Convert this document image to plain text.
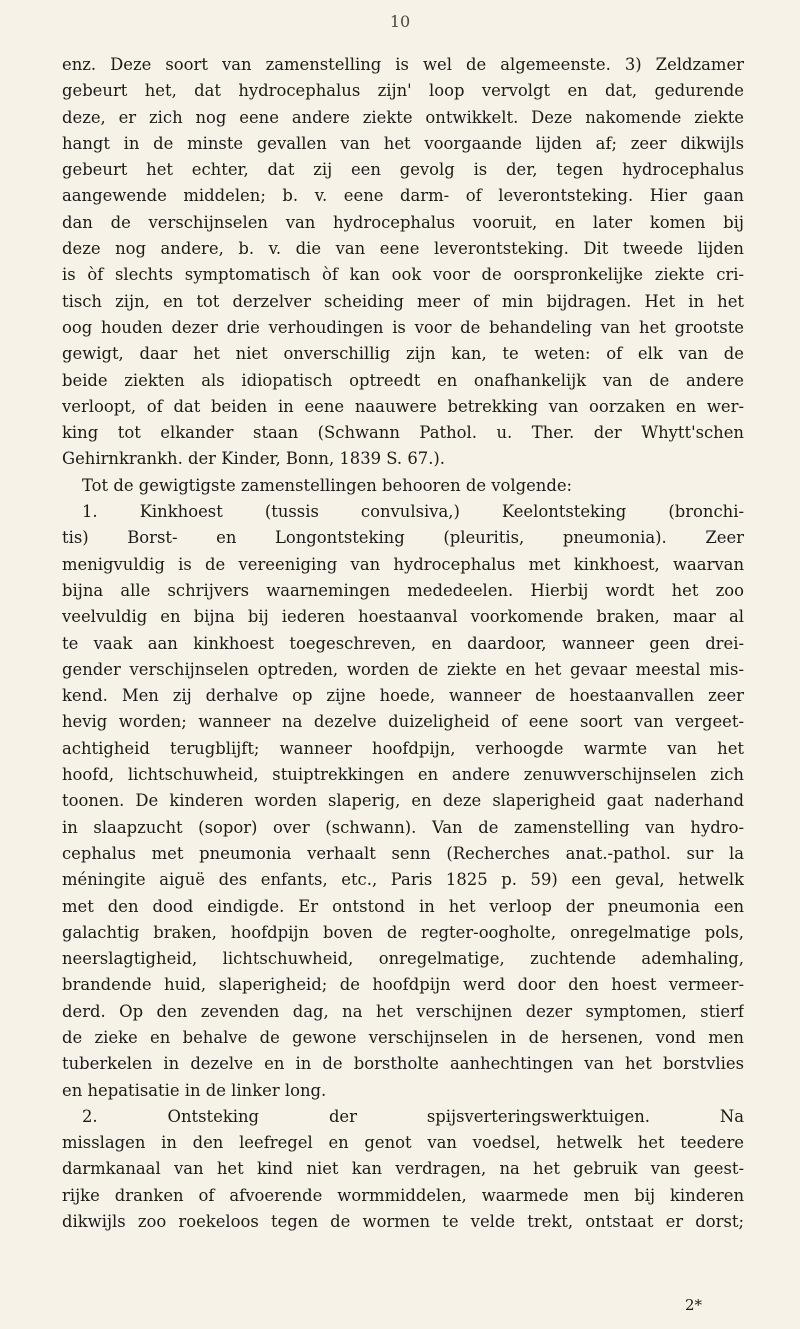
10
enz. Deze soort van zamenstelling is wel de algemeenste. 3) Zeldzamer
gebeurt het, dat hydrocephalus zijn' loop vervolgt en dat, gedurende
deze, er zich nog eene andere ziekte ontwikkelt. Deze nakomende ziekte
hangt in de minste gevallen van het voorgaande lijden af; zeer dikwijls
gebeurt het echter, dat zij een gevolg is der, tegen hydrocephalus
aangewende middelen; b. v. eene darm- of leverontsteking. Hier gaan
dan de verschijnselen van hydrocephalus vooruit, en later komen bij
deze nog andere, b. v. die van eene leverontsteking. Dit tweede lijden
is òf slechts symptomatisch òf kan ook voor de oorspronkelijke ziekte cri-
tisch zijn, en tot derzelver scheiding meer of min bijdragen. Het in het
oog houden dezer drie verhoudingen is voor de behandeling van het grootste
gewigt, daar het niet onverschillig zijn kan, te weten: of elk van de
beide ziekten als idiopatisch optreedt en onafhankelijk van de andere
verloopt, of dat beiden in eene naauwere betrekking van oorzaken en wer-
king tot elkander staan (Schwann Pathol. u. Ther. der Whytt'schen
Gehirnkrankh. der Kinder, Bonn, 1839 S. 67.).
Tot de gewigtigste zamenstellingen behooren de volgende:
1. Kinkhoest (tussis convulsiva,) Keelontsteking (bronchi-
tis) Borst- en Longontsteking (pleuritis, pneumonia). Zeer
menigvuldig is de vereeniging van hydrocephalus met kinkhoest, waarvan
bijna alle schrijvers waarnemingen mededeelen. Hierbij wordt het zoo
veelvuldig en bijna bij iederen hoestaanval voorkomende braken, maar al
te vaak aan kinkhoest toegeschreven, en daardoor, wanneer geen drei-
gender verschijnselen optreden, worden de ziekte en het gevaar meestal mis-
kend. Men zij derhalve op zijne hoede, wanneer de hoestaanvallen zeer
hevig worden; wanneer na dezelve duizeligheid of eene soort van vergeet-
achtigheid terugblijft; wanneer hoofdpijn, verhoogde warmte van het
hoofd, lichtschuwheid, stuiptrekkingen en andere zenuwverschijnselen zich
toonen. De kinderen worden slaperig, en deze slaperigheid gaat naderhand
in slaapzucht (sopor) over (schwann). Van de zamenstelling van hydro-
cephalus met pneumonia verhaalt senn (Recherches anat.-pathol. sur la
méningite aiguë des enfants, etc., Paris 1825 p. 59) een geval, hetwelk
met den dood eindigde. Er ontstond in het verloop der pneumonia een
galachtig braken, hoofdpijn boven de regter-oogholte, onregelmatige pols,
neerslagtigheid, lichtschuwheid, onregelmatige, zuchtende ademhaling,
brandende huid, slaperigheid; de hoofdpijn werd door den hoest vermeer-
derd. Op den zevenden dag, na het verschijnen dezer symptomen, stierf
de zieke en behalve de gewone verschijnselen in de hersenen, vond men
tuberkelen in dezelve en in de borstholte aanhechtingen van het borstvlies
en hepatisatie in de linker long.
2. Ontsteking der spijsverteringswerktuigen. Na
misslagen in den leefregel en genot van voedsel, hetwelk het teedere
darmkanaal van het kind niet kan verdragen, na het gebruik van geest-
rijke dranken of afvoerende wormmiddelen, waarmede men bij kinderen
dikwijls zoo roekeloos tegen de wormen te velde trekt, ontstaat er dorst;
2*
